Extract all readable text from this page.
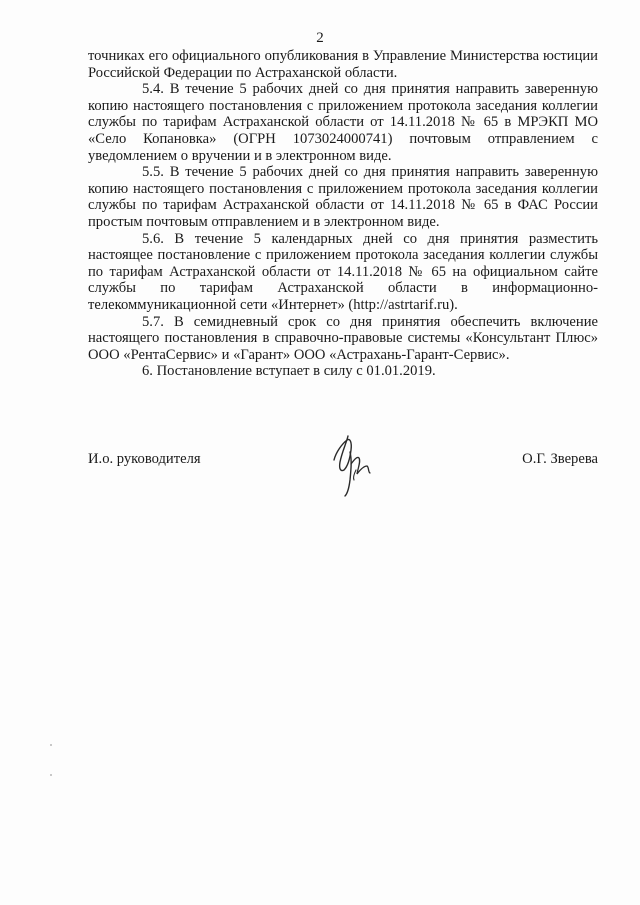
2

точниках его официального опубликования в Управление Министерства юстиции Российской Федерации по Астраханской области.

5.4. В течение 5 рабочих дней со дня принятия направить заверенную копию настоящего постановления с приложением протокола заседания коллегии службы по тарифам Астраханской области от 14.11.2018 № 65 в МРЭКП МО «Село Копановка» (ОГРН 1073024000741) почтовым отправлением с уведомлением о вручении и в электронном виде.

5.5. В течение 5 рабочих дней со дня принятия направить заверенную копию настоящего постановления с приложением протокола заседания коллегии службы по тарифам Астраханской области от 14.11.2018 № 65 в ФАС России простым почтовым отправлением и в электронном виде.

5.6. В течение 5 календарных дней со дня принятия разместить настоящее постановление с приложением протокола заседания коллегии службы по тарифам Астраханской области от 14.11.2018 № 65 на официальном сайте службы по тарифам Астраханской области в информационно-телекоммуникационной сети «Интернет» (http://astrtarif.ru).

5.7. В семидневный срок со дня принятия обеспечить включение настоящего постановления в справочно-правовые системы «Консультант Плюс» ООО «РентаСервис» и «Гарант» ООО «Астрахань-Гарант-Сервис».

6. Постановление вступает в силу с 01.01.2019.

И.о. руководителя	О.Г. Зверева
